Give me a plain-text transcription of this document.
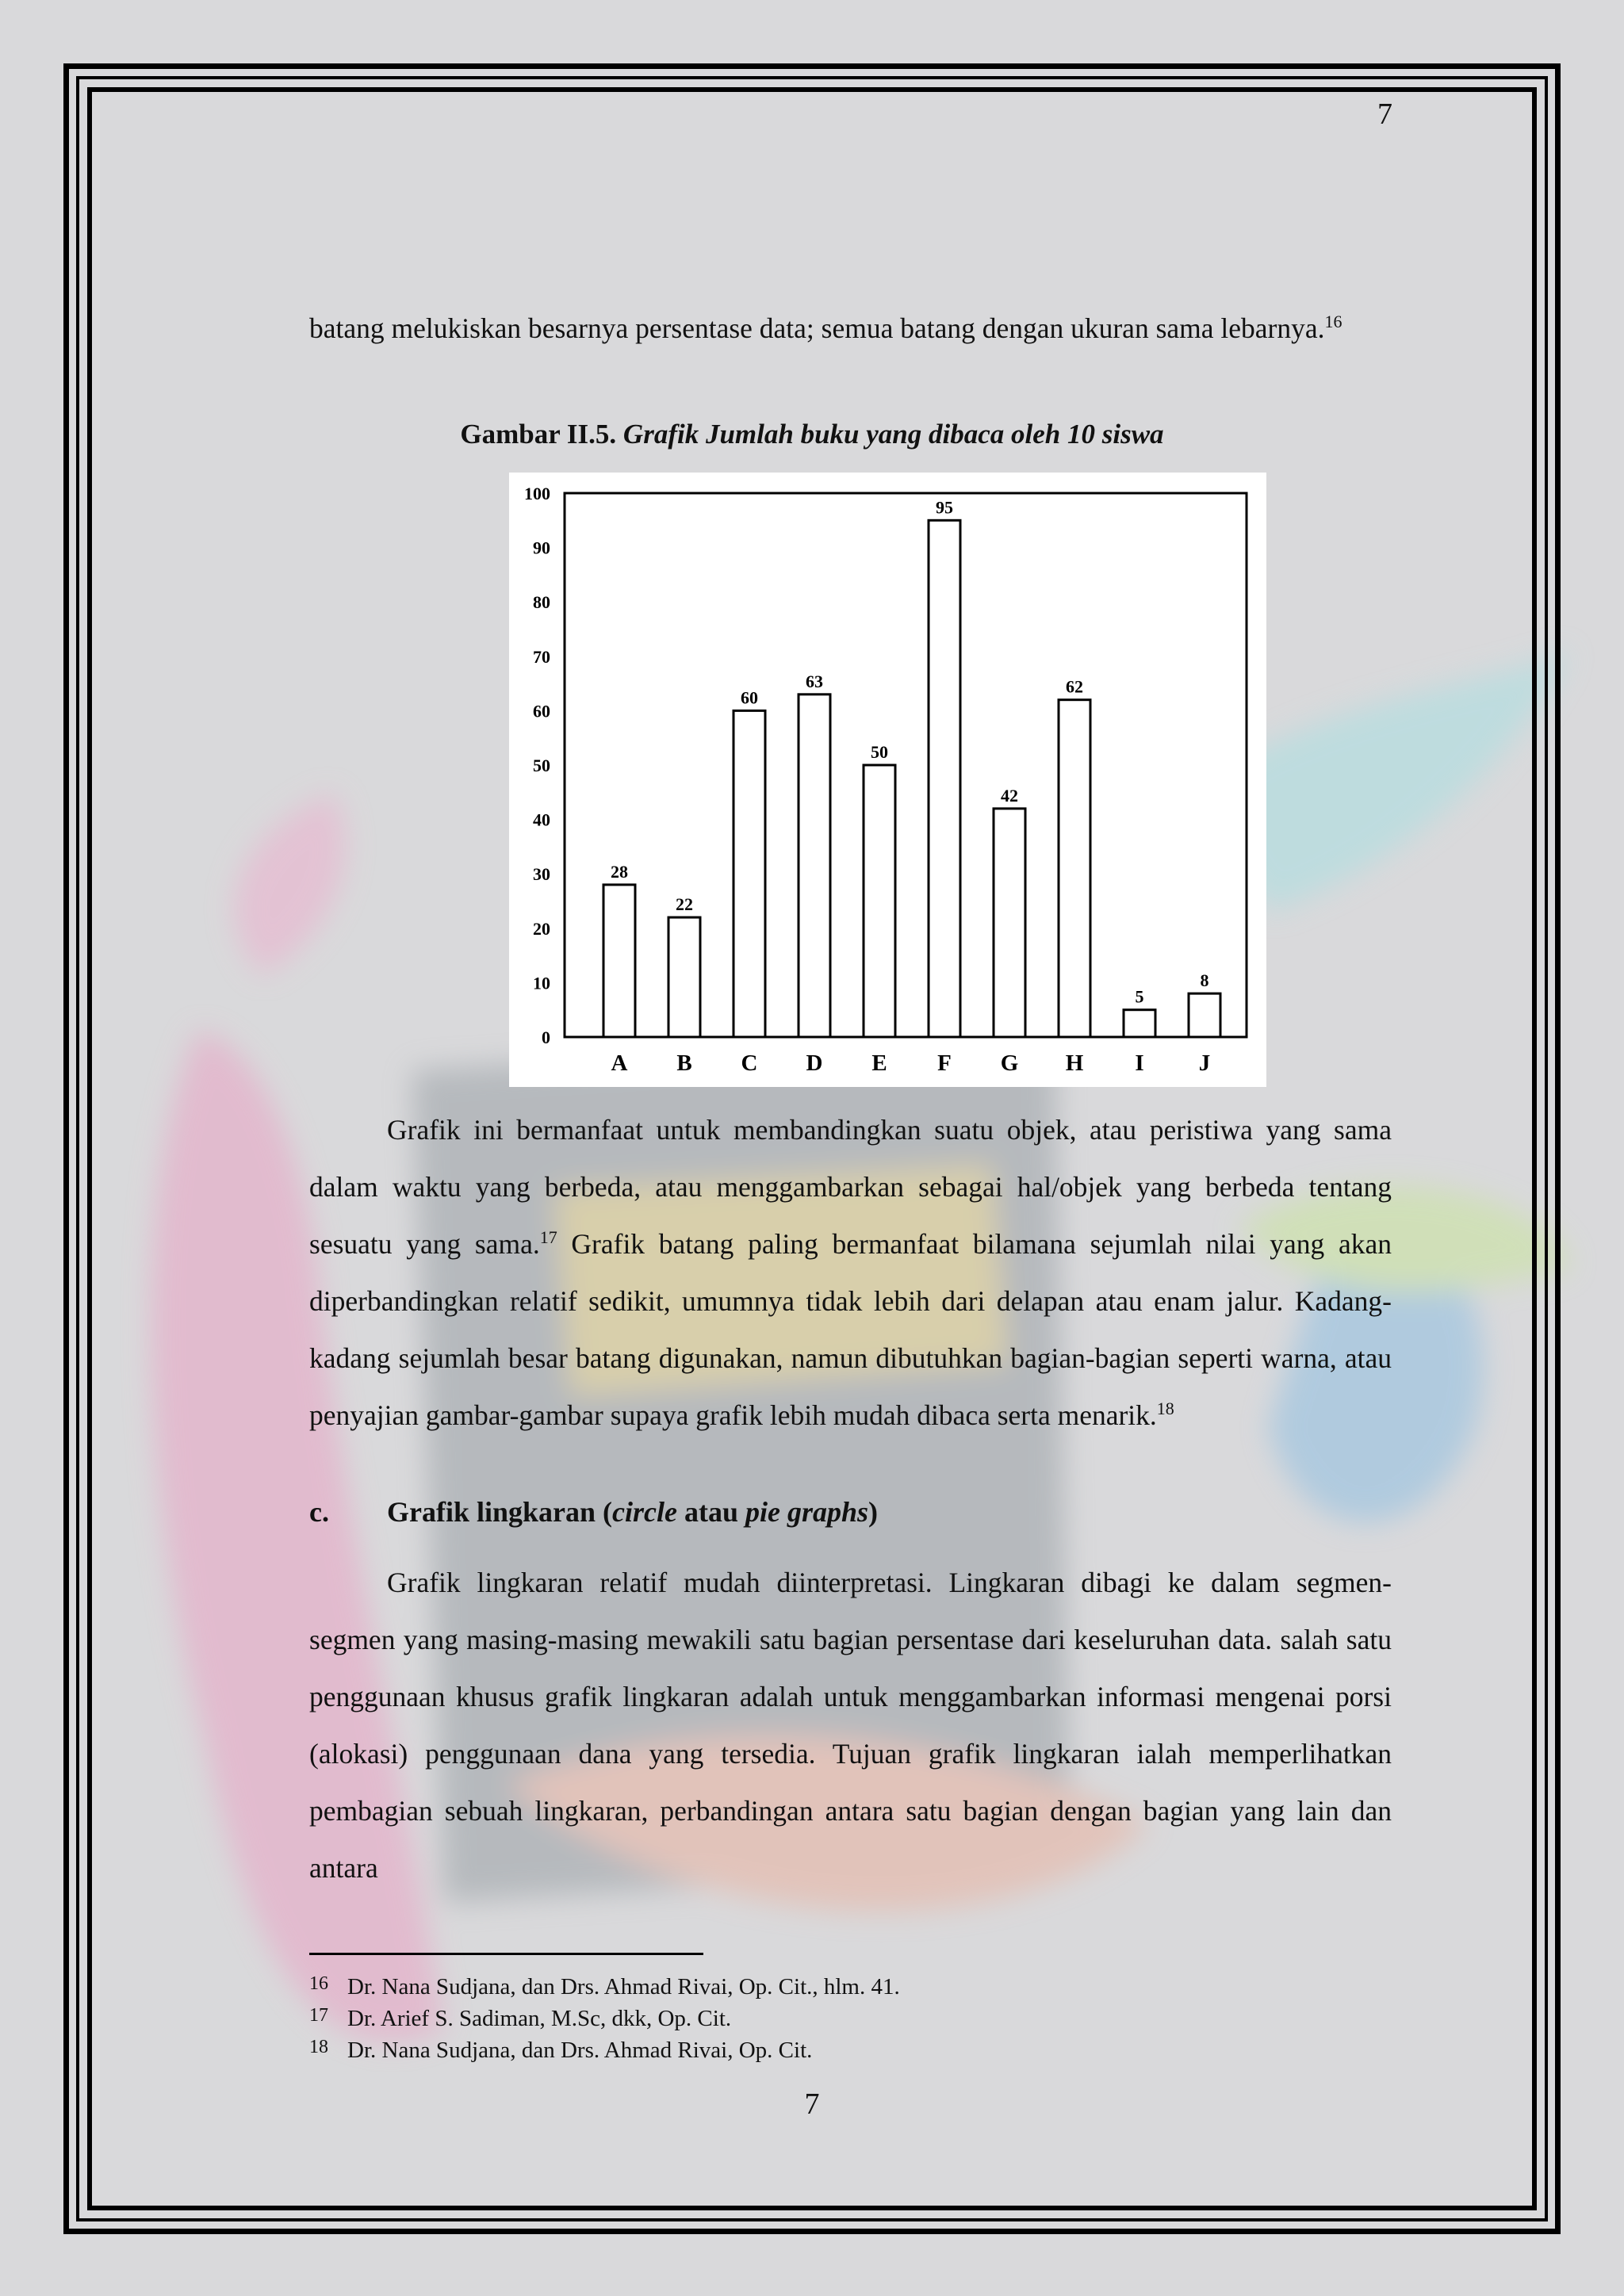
7

batang melukiskan besarnya persentase data; semua batang dengan ukuran sama lebarnya.$^{16}$

Gambar II.5. Grafik Jumlah buku yang dibaca oleh 10 siswa
0
10
20
30
40
50
60
70
80
90
100
28
A
22
B
60
C
63
D
50
E
95
F
42
G
62
H
5
I
8
J

Grafik ini bermanfaat untuk membandingkan suatu objek, atau peristiwa yang sama dalam waktu yang berbeda, atau menggambarkan sebagai hal/objek yang berbeda tentang sesuatu yang sama.$^{17}$ Grafik batang paling bermanfaat bilamana sejumlah nilai yang akan diperbandingkan relatif sedikit, umumnya tidak lebih dari delapan atau enam jalur. Kadang-kadang sejumlah besar batang digunakan, namun dibutuhkan bagian-bagian seperti warna, atau penyajian gambar-gambar supaya grafik lebih mudah dibaca serta menarik.$^{18}$

c. Grafik lingkaran (circle atau pie graphs)

Grafik lingkaran relatif mudah diinterpretasi. Lingkaran dibagi ke dalam segmen-segmen yang masing-masing mewakili satu bagian persentase dari keseluruhan data. salah satu penggunaan khusus grafik lingkaran adalah untuk menggambarkan informasi mengenai porsi (alokasi) penggunaan dana yang tersedia. Tujuan grafik lingkaran ialah memperlihatkan pembagian sebuah lingkaran, perbandingan antara satu bagian dengan bagian yang lain dan antara

16 Dr. Nana Sudjana, dan Drs. Ahmad Rivai, Op. Cit., hlm. 41.
17 Dr. Arief S. Sadiman, M.Sc, dkk, Op. Cit.
18 Dr. Nana Sudjana, dan Drs. Ahmad Rivai, Op. Cit.
7
